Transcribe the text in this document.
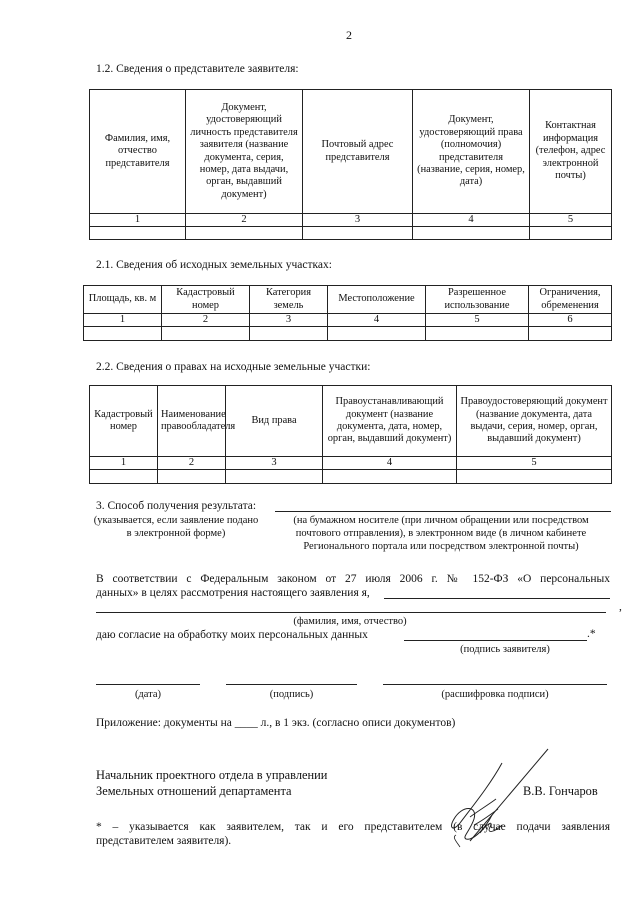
2
1.2. Сведения о представителе заявителя:
Фамилия, имя, отчество представителя	Документ, удостоверяющий личность представителя заявителя (название документа, серия, номер, дата выдачи, орган, выдавший документ)	Почтовый адрес представителя	Документ, удостоверяющий права (полномочия) представителя (название, серия, номер, дата)	Контактная информация (телефон, адрес электронной почты)
1	2	3	4	5

2.1. Сведения об исходных земельных участках:
Площадь, кв. м	Кадастровый номер	Категория земель	Местоположение	Разрешенное использование	Ограничения, обременения
1	2	3	4	5	6

2.2. Сведения о правах на исходные земельные участки:
Кадастровый номер	Наименование правообладателя	Вид права	Правоустанавливающий документ (название документа, дата, номер, орган, выдавший документ)	Правоудостоверяющий документ (название документа, дата выдачи, серия, номер, орган, выдавший документ)
1	2	3	4	5

3. Способ получения результата:
(указывается, если заявление подано в электронной форме)
(на бумажном носителе (при личном обращении или посредством почтового отправления), в электронном виде (в личном кабинете Регионального портала или посредством электронной почты)
В соответствии с Федеральным законом от 27 июля 2006 г. № 152-ФЗ «О персональных
данных» в целях рассмотрения настоящего заявления я,
,
(фамилия, имя, отчество)
даю согласие на обработку моих персональных данных	.*
(подпись заявителя)
(дата)	(подпись)	(расшифровка подписи)
Приложение: документы на ____ л., в 1 экз. (согласно описи документов)
Начальник проектного отдела в управлении
Земельных отношений департамента	В.В. Гончаров
* – указывается как заявителем, так и его представителем (в случае подачи заявления
представителем заявителя).
